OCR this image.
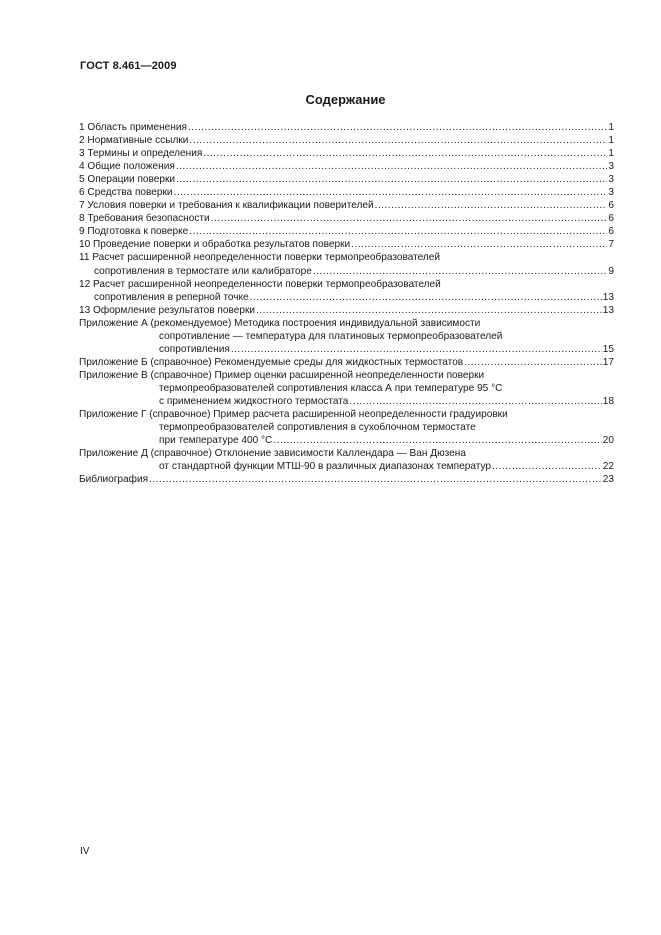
ГОСТ 8.461—2009
Содержание
1 Область применения .....	1
2 Нормативные ссылки .....	1
3 Термины и определения .....	1
4 Общие положения .....	3
5 Операции поверки .....	3
6 Средства поверки .....	3
7 Условия поверки и требования к квалификации поверителей .....	6
8 Требования безопасности .....	6
9 Подготовка к поверке .....	6
10 Проведение поверки и обработка результатов поверки .....	7
11 Расчет расширенной неопределенности поверки термопреобразователей
сопротивления в термостате или калибраторе .....	9
12 Расчет расширенной неопределенности поверки термопреобразователей
сопротивления в реперной точке .....	13
13 Оформление результатов поверки .....	13
Приложение А (рекомендуемое) Методика построения индивидуальной зависимости
сопротивление — температура для платиновых термопреобразователей
сопротивления .....	15
Приложение Б (справочное) Рекомендуемые среды для жидкостных термостатов .....	17
Приложение В (справочное) Пример оценки расширенной неопределенности поверки
термопреобразователей сопротивления класса А при температуре 95 °C
с применением жидкостного термостата .....	18
Приложение Г (справочное) Пример расчета расширенной неопределенности градуировки
термопреобразователей сопротивления в сухоблочном термостате
при температуре 400 °C .....	20
Приложение Д (справочное) Отклонение зависимости Каллендара — Ван Дюзена
от стандартной функции МТШ-90 в различных диапазонах температур .....	22
Библиография .....	23
IV
